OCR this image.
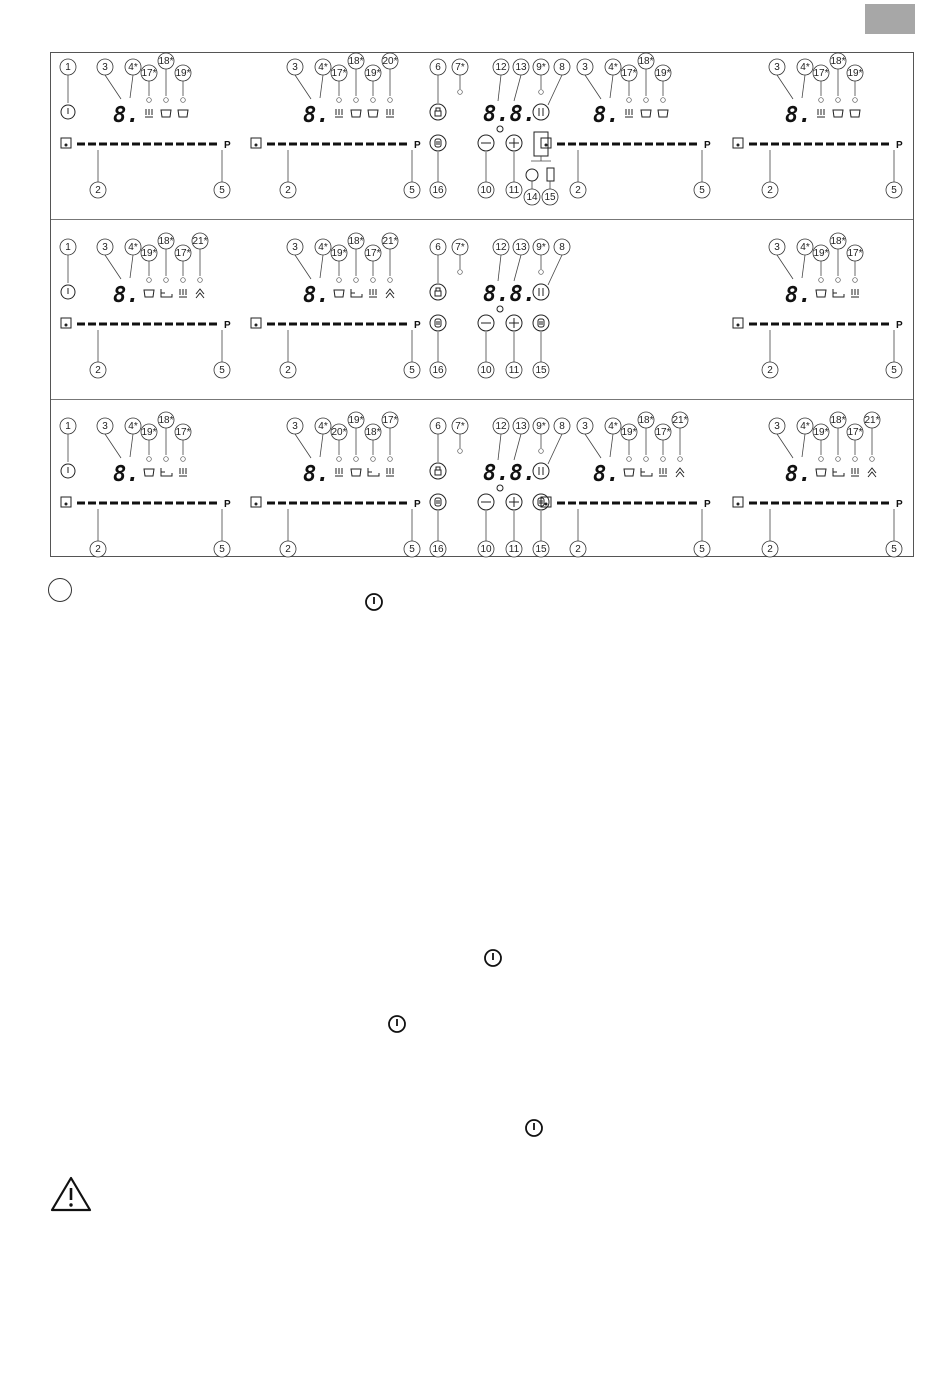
1	3
8.
4*
17*
18*
19*
P
2	5
3
8.
4*
17*
18*
19*
20*
P
2	5
6 7*	12 13
8.8.
9* 8
16	10 11
14 15
3
8.
4*
17*
18*
19*
P
2	5
3
8.
4*
17*
18*
19*
P
2	5
1	3
8.
4*
19*
18*
17*
21*
P
2	5
3
8.
4*
19*
18*
17*
21*
P
2	5
6 7*	12 13
8.8.
9* 8
16	10 11 15
3
8.
4*
19*
18*
17*
P
2	5
1	3
8.
4*
19*
18*
17*
P
2	5
3
8.
4*
20*
19*
18*
17*
P
2	5
6 7*	12 13
8.8.
9* 8
16	10 11 15
3
8.
4*
19*
18*
17*
21*
P
2	5
3
8.
4*
19*
18*
17*
21*
P
2	5
